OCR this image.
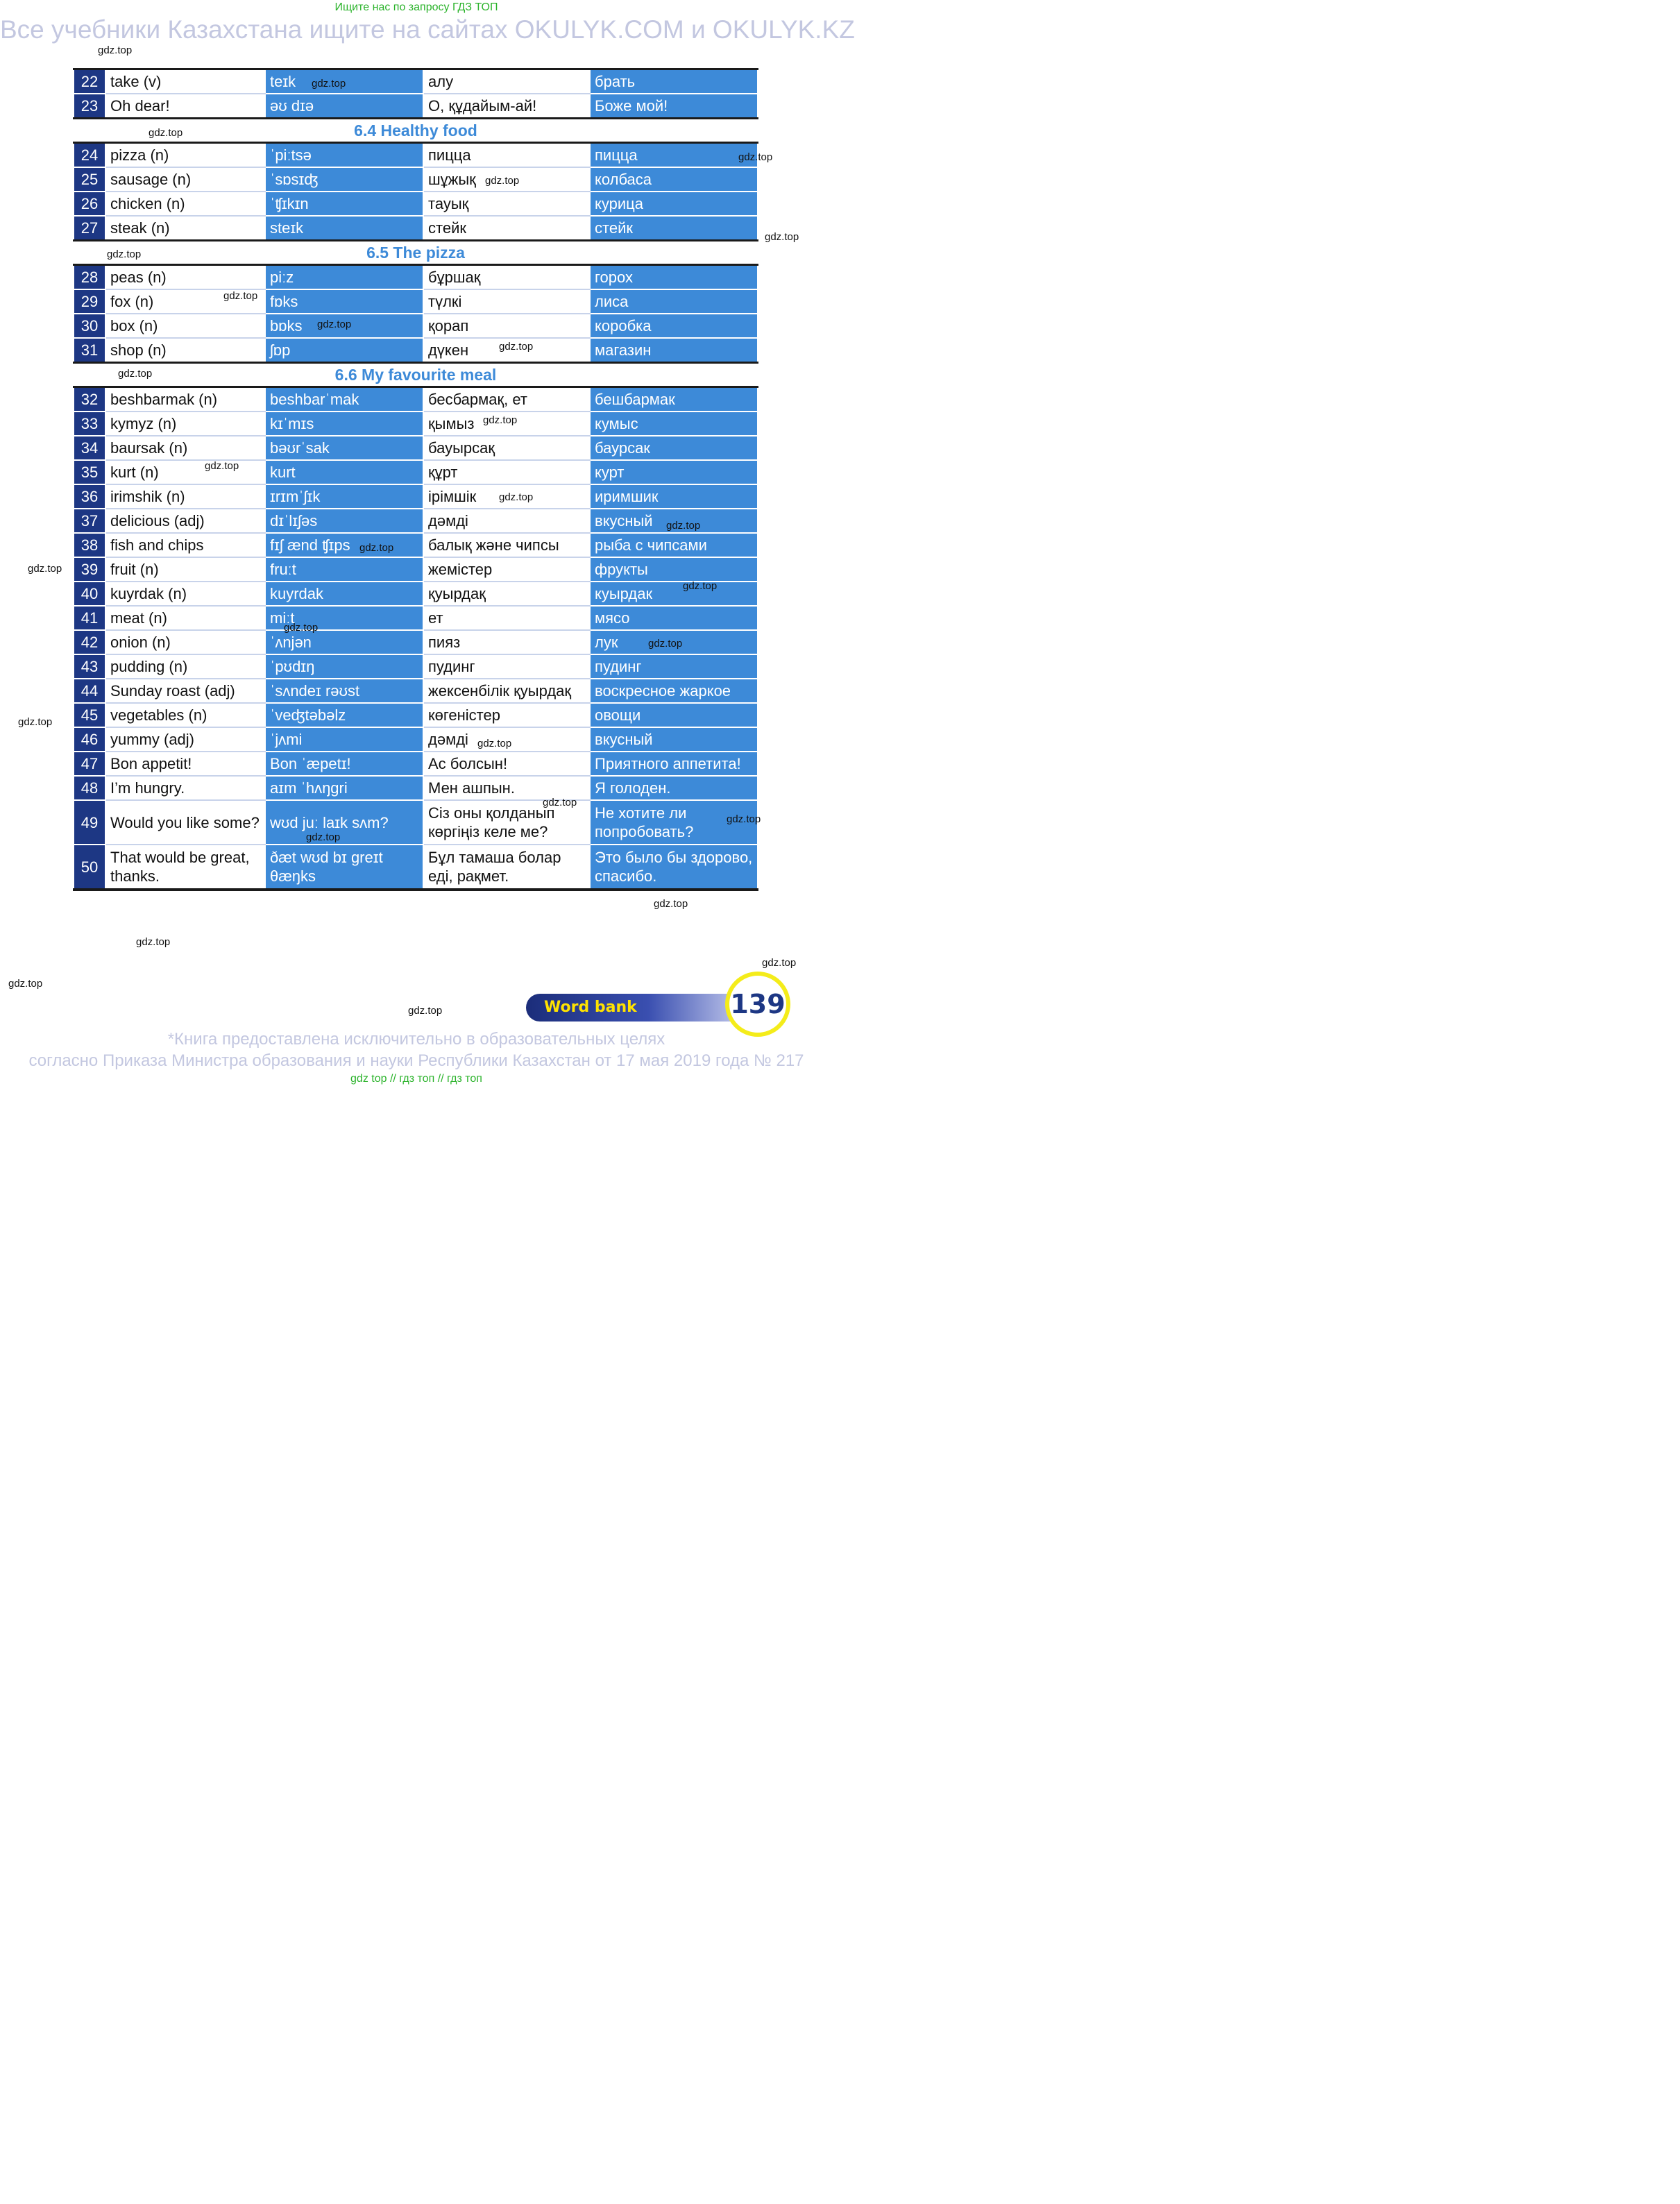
Ищите нас по запросу ГДЗ ТОП
Все учебники Казахстана ищите на сайтах OKULYK.COM и OKULYK.KZ
22	take (v)	teɪk	алу	брать
23	Oh dear!	əʊ dɪə	О, құдайым-ай!	Боже мой!
6.4 Healthy food				
24	pizza (n)	ˈpiːtsə	пицца	пицца
25	sausage (n)	ˈsɒsɪʤ	шұжық	колбаса
26	chicken (n)	ˈʧɪkɪn	тауық	курица
27	steak (n)	steɪk	стейк	стейк
6.5 The pizza				
28	peas (n)	piːz	бұршақ	горох
29	fox (n)	fɒks	түлкі	лиса
30	box (n)	bɒks	қорап	коробка
31	shop (n)	ʃɒp	дүкен	магазин
6.6 My favourite meal				
32	beshbarmak (n)	beshbarˈmak	бесбармақ, ет	бешбармак
33	kymyz (n)	kɪˈmɪs	қымыз	кумыс
34	baursak (n)	bəʊrˈsak	бауырсақ	баурсак
35	kurt (n)	kurt	құрт	курт
36	irimshik (n)	ɪrɪmˈʃɪk	ірімшік	иримшик
37	delicious (adj)	dɪˈlɪʃəs	дәмді	вкусный
38	fish and chips	fɪʃ ænd ʧɪps	балық және чипсы	рыба с чипсами
39	fruit (n)	fruːt	жемістер	фрукты
40	kuyrdak (n)	kuyrdak	қуырдақ	куырдак
41	meat (n)	miːt	ет	мясо
42	onion (n)	ˈʌnjən	пияз	лук
43	pudding (n)	ˈpʊdɪŋ	пудинг	пудинг
44	Sunday roast (adj)	ˈsʌndeɪ rəʊst	жексенбілік қуырдақ	воскресное жаркое
45	vegetables (n)	ˈveʤtəbəlz	көгеністер	овощи
46	yummy (adj)	ˈjʌmi	дәмді	вкусный
47	Bon appetit!	Bon ˈæpetɪ!	Ас болсын!	Приятного аппетита!
48	I’m hungry.	aɪm ˈhʌŋgri	Мен ашпын.	Я голоден.
49	Would you like some?	wʊd juː laɪk sʌm?	Сіз оны қолданып көргіңіз келе ме?	Не хотите ли попробовать?
50	That would be great, thanks.	ðæt wʊd bɪ greɪt θæŋks	Бұл тамаша болар еді, рақмет.	Это было бы здорово, спасибо.
gdz.top
gdz.top
gdz.top
gdz.top
gdz.top
gdz.top
gdz.top
gdz.top
gdz.top
gdz.top
gdz.top
gdz.top
gdz.top
gdz.top
gdz.top
gdz.top
gdz.top
gdz.top
gdz.top
gdz.top
gdz.top
gdz.top
gdz.top
gdz.top
gdz.top
gdz.top
gdz.top
gdz.top
gdz.top
gdz.top	Word bank	139
*Книга предоставлена исключительно в образовательных целях
согласно Приказа Министра образования и науки Республики Казахстан от 17 мая 2019 года № 217
gdz top // гдз топ // гдз топ
